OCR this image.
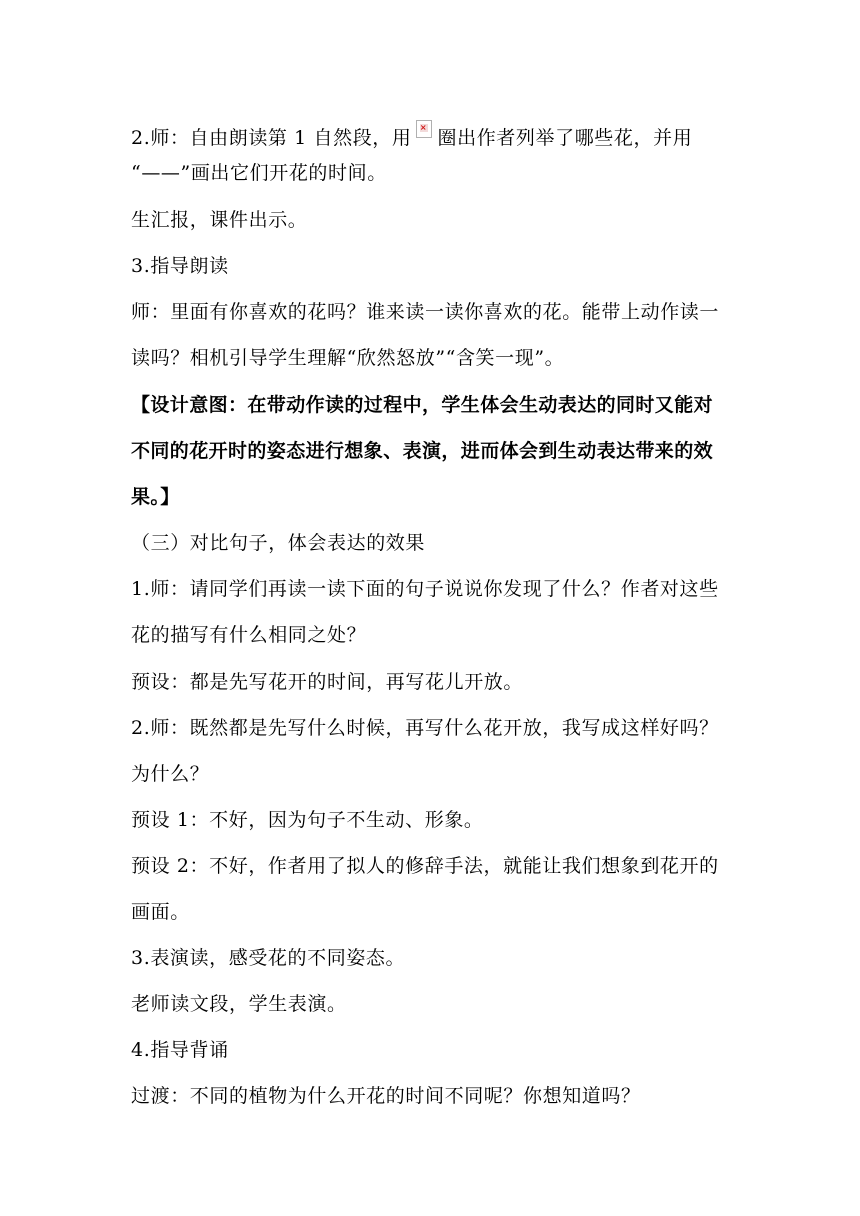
2.师：自由朗读第 1 自然段，用 × 圈出作者列举了哪些花，并用
“——”画出它们开花的时间。
生汇报，课件出示。
3.指导朗读
师：里面有你喜欢的花吗？谁来读一读你喜欢的花。能带上动作读一
读吗？相机引导学生理解“欣然怒放”“含笑一现”。
【设计意图：在带动作读的过程中，学生体会生动表达的同时又能对
不同的花开时的姿态进行想象、表演，进而体会到生动表达带来的效
果。】
（三）对比句子，体会表达的效果
1.师：请同学们再读一读下面的句子说说你发现了什么？作者对这些
花的描写有什么相同之处？
预设：都是先写花开的时间，再写花儿开放。
2.师：既然都是先写什么时候，再写什么花开放，我写成这样好吗？
为什么？
预设 1：不好，因为句子不生动、形象。
预设 2：不好，作者用了拟人的修辞手法，就能让我们想象到花开的
画面。
3.表演读，感受花的不同姿态。
老师读文段，学生表演。
4.指导背诵
过渡：不同的植物为什么开花的时间不同呢？你想知道吗？
